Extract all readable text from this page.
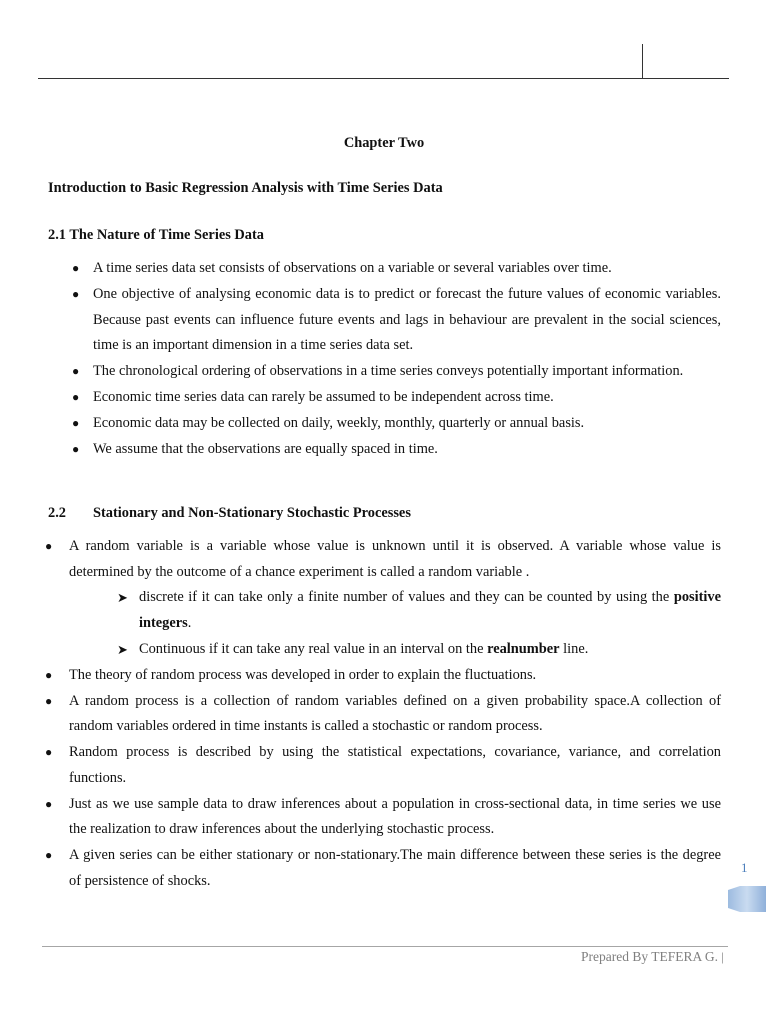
Chapter Two
Introduction to Basic Regression Analysis with Time Series Data
2.1 The Nature of Time Series Data
● A time series data set consists of observations on a variable or several variables over time.
● One objective of analysing economic data is to predict or forecast the future values of economic variables. Because past events can influence future events and lags in behaviour are prevalent in the social sciences, time is an important dimension in a time series data set.
● The chronological ordering of observations in a time series conveys potentially important information.
● Economic time series data can rarely be assumed to be independent across time.
● Economic data may be collected on daily, weekly, monthly, quarterly or annual basis.
● We assume that the observations are equally spaced in time.
2.2 Stationary and Non-Stationary Stochastic Processes
● A random variable is a variable whose value is unknown until it is observed. A variable whose value is determined by the outcome of a chance experiment is called a random variable .
➤ discrete if it can take only a finite number of values and they can be counted by using the positive integers.
➤ Continuous if it can take any real value in an interval on the realnumber line.
● The theory of random process was developed in order to explain the fluctuations.
● A random process is a collection of random variables defined on a given probability space.A collection of random variables ordered in time instants is called a stochastic or random process.
● Random process is described by using the statistical expectations, covariance, variance, and correlation functions.
● Just as we use sample data to draw inferences about a population in cross-sectional data, in time series we use the realization to draw inferences about the underlying stochastic process.
● A given series can be either stationary or non-stationary.The main difference between these series is the degree of persistence of shocks.
1
Prepared By TEFERA G. |
